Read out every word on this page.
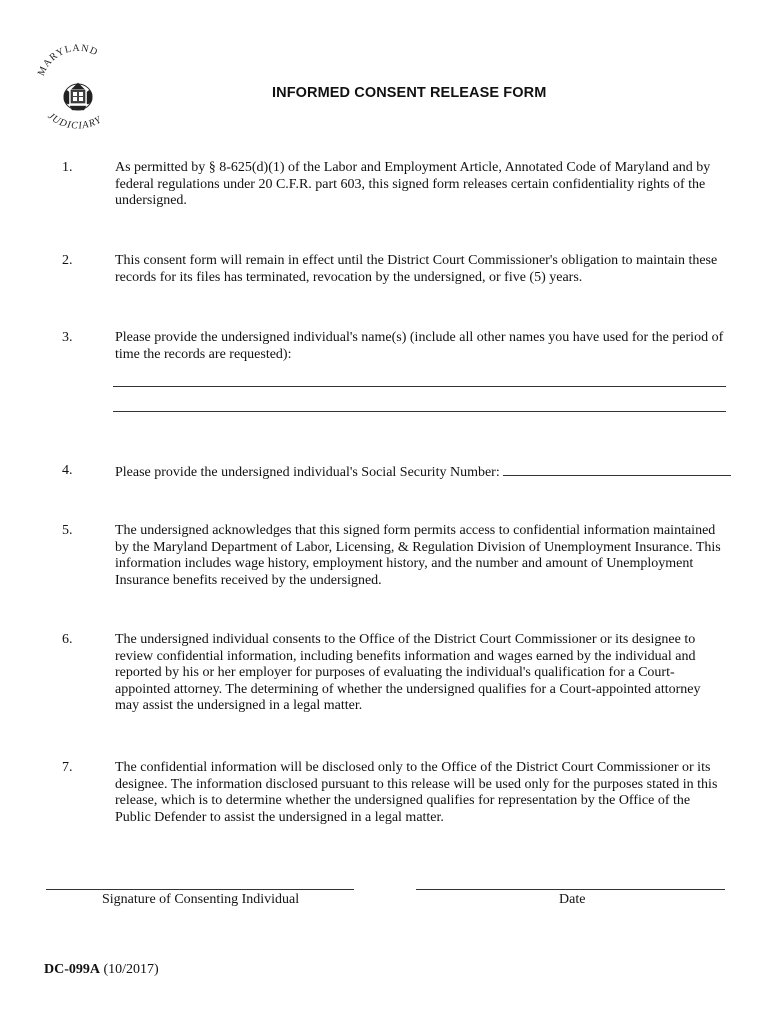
MARYLAND
JUDICIARY
INFORMED CONSENT RELEASE FORM
1.	As permitted by § 8-625(d)(1) of the Labor and Employment Article, Annotated Code of Maryland and by federal regulations under 20 C.F.R. part 603, this signed form releases certain confidentiality rights of the undersigned.
2.	This consent form will remain in effect until the District Court Commissioner's obligation to maintain these records for its files has terminated, revocation by the undersigned, or five (5) years.
3.	Please provide the undersigned individual's name(s) (include all other names you have used for the period of time the records are requested):
4.	Please provide the undersigned individual's Social Security Number:
5.	The undersigned acknowledges that this signed form permits access to confidential information maintained by the Maryland Department of Labor, Licensing, & Regulation Division of Unemployment Insurance. This information includes wage history, employment history, and the number and amount of Unemployment Insurance benefits received by the undersigned.
6.	The undersigned individual consents to the Office of the District Court Commissioner or its designee to review confidential information, including benefits information and wages earned by the individual and reported by his or her employer for purposes of evaluating the individual's qualification for a Court-appointed attorney. The determining of whether the undersigned qualifies for a Court-appointed attorney may assist the undersigned in a legal matter.
7.	The confidential information will be disclosed only to the Office of the District Court Commissioner or its designee. The information disclosed pursuant to this release will be used only for the purposes stated in this release, which is to determine whether the undersigned qualifies for representation by the Office of the Public Defender to assist the undersigned in a legal matter.
Signature of Consenting Individual	Date
DC-099A (10/2017)
